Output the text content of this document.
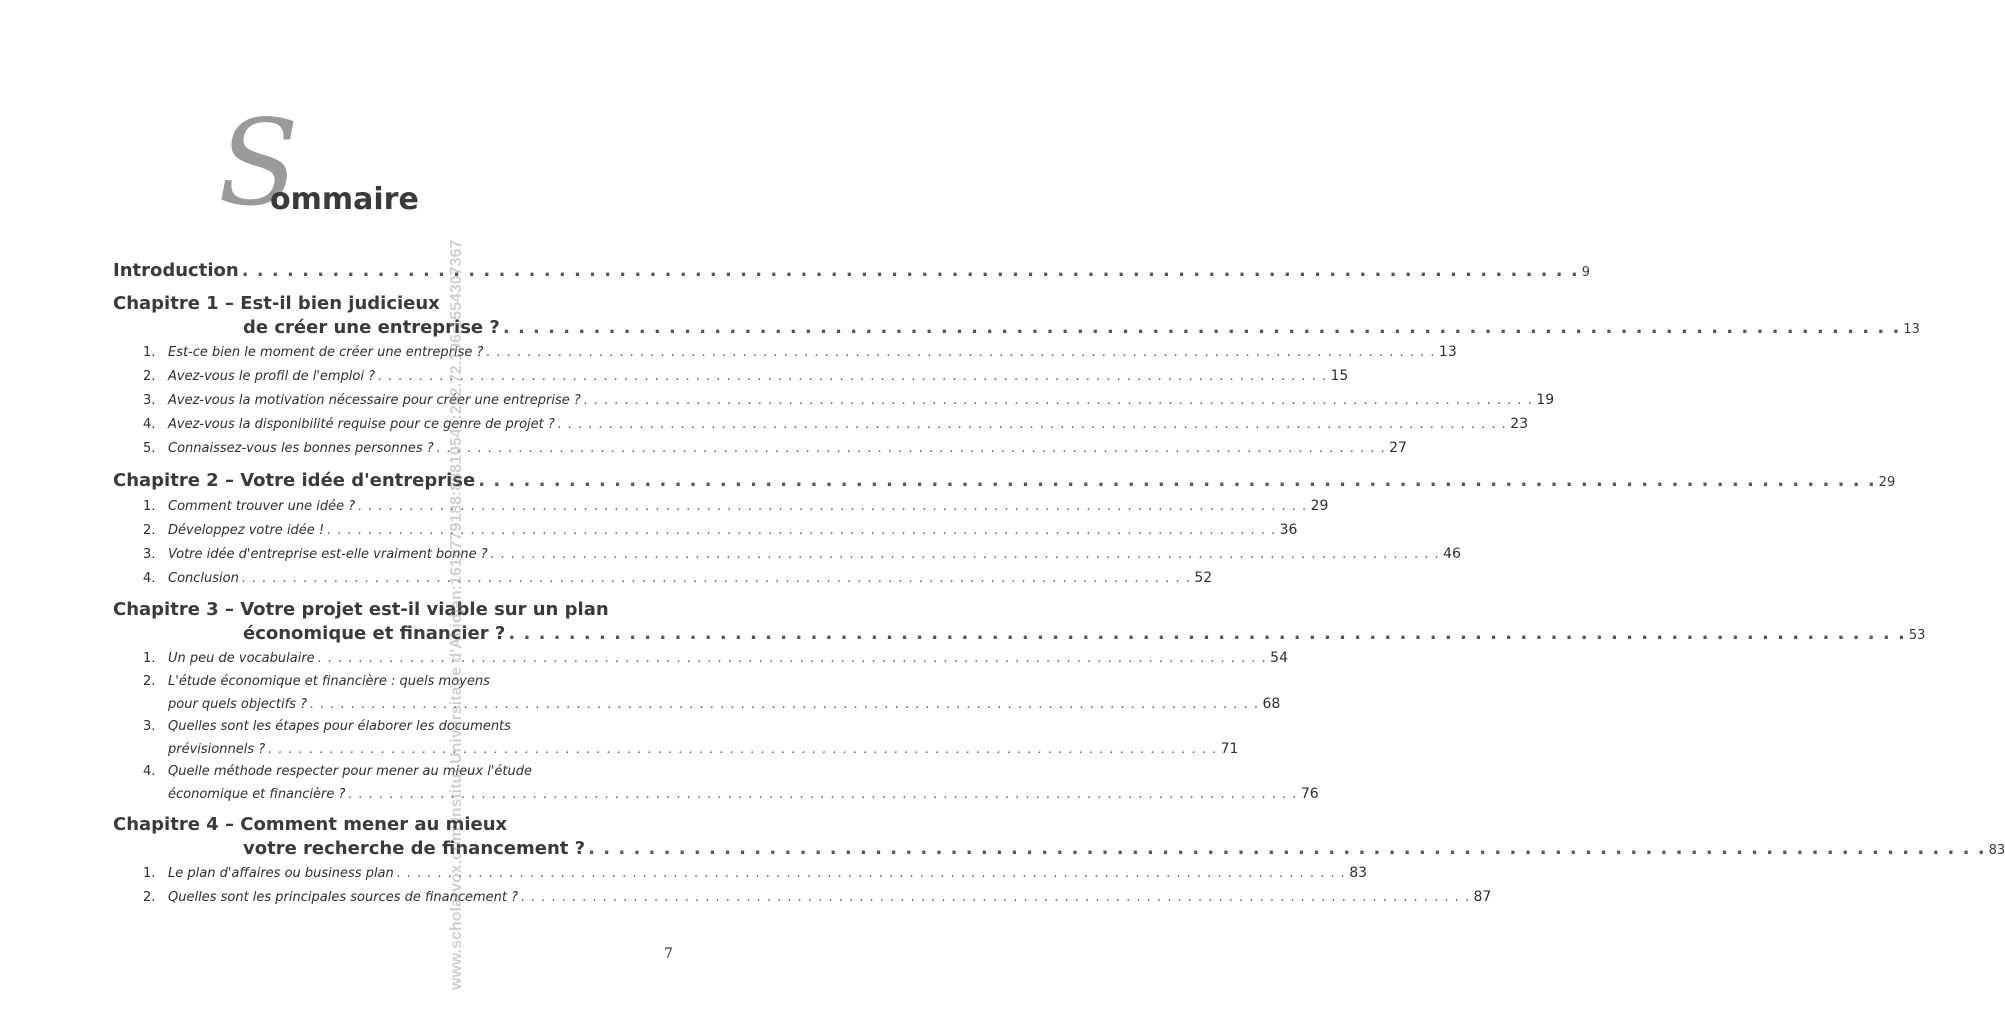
S
ommaire
Introduction . . . . . . . . . . . . . . . . . . . . . . . . . . . . . . . . . . . . . . . . . . . . . . . . . . . . . . . . . . . . . . . . . . . . . . . . . . . . . . . . . . . . . . . . . 9
Chapitre 1 – Est-il bien judicieux
de créer une entreprise ? . . . . . . . . . . . . . . . . . . . . . . . . . . . . . . . . . . . . . . . . . . . . . . . . . . . . . . . . . . . . . . . . . . . . . . . . . . . . . . . . . . . . . . . . . . . . . 13
1. Est-ce bien le moment de créer une entreprise ? . . . . . . . . . . . . . . . . . . . . . . . . . . . . . . . . . . . . . . . . . . . . . . . . . . . . . . . . . . . . . . . . . . . . . . . . . . . . . . . . . . . . . . . . . . . . . 13
2. Avez-vous le profil de l'emploi ? . . . . . . . . . . . . . . . . . . . . . . . . . . . . . . . . . . . . . . . . . . . . . . . . . . . . . . . . . . . . . . . . . . . . . . . . . . . . . . . . . . . . . . . . . . . . . 15
3. Avez-vous la motivation nécessaire pour créer une entreprise ? . . . . . . . . . . . . . . . . . . . . . . . . . . . . . . . . . . . . . . . . . . . . . . . . . . . . . . . . . . . . . . . . . . . . . . . . . . . . . . . . . . . . . . . . . . . . . 19
4. Avez-vous la disponibilité requise pour ce genre de projet ? . . . . . . . . . . . . . . . . . . . . . . . . . . . . . . . . . . . . . . . . . . . . . . . . . . . . . . . . . . . . . . . . . . . . . . . . . . . . . . . . . . . . . . . . . . . . . 23
5. Connaissez-vous les bonnes personnes ? . . . . . . . . . . . . . . . . . . . . . . . . . . . . . . . . . . . . . . . . . . . . . . . . . . . . . . . . . . . . . . . . . . . . . . . . . . . . . . . . . . . . . . . . . . . . . 27
Chapitre 2 – Votre idée d'entreprise . . . . . . . . . . . . . . . . . . . . . . . . . . . . . . . . . . . . . . . . . . . . . . . . . . . . . . . . . . . . . . . . . . . . . . . . . . . . . . . . . . . . . . . . . . . . . 29
1. Comment trouver une idée ? . . . . . . . . . . . . . . . . . . . . . . . . . . . . . . . . . . . . . . . . . . . . . . . . . . . . . . . . . . . . . . . . . . . . . . . . . . . . . . . . . . . . . . . . . . . . . 29
2. Développez votre idée ! . . . . . . . . . . . . . . . . . . . . . . . . . . . . . . . . . . . . . . . . . . . . . . . . . . . . . . . . . . . . . . . . . . . . . . . . . . . . . . . . . . . . . . . . . . . . . 36
3. Votre idée d'entreprise est-elle vraiment bonne ? . . . . . . . . . . . . . . . . . . . . . . . . . . . . . . . . . . . . . . . . . . . . . . . . . . . . . . . . . . . . . . . . . . . . . . . . . . . . . . . . . . . . . . . . . . . . . 46
4. Conclusion . . . . . . . . . . . . . . . . . . . . . . . . . . . . . . . . . . . . . . . . . . . . . . . . . . . . . . . . . . . . . . . . . . . . . . . . . . . . . . . . . . . . . . . . . . . . . 52
Chapitre 3 – Votre projet est-il viable sur un plan
économique et financier ? . . . . . . . . . . . . . . . . . . . . . . . . . . . . . . . . . . . . . . . . . . . . . . . . . . . . . . . . . . . . . . . . . . . . . . . . . . . . . . . . . . . . . . . . . . . . . 53
1. Un peu de vocabulaire . . . . . . . . . . . . . . . . . . . . . . . . . . . . . . . . . . . . . . . . . . . . . . . . . . . . . . . . . . . . . . . . . . . . . . . . . . . . . . . . . . . . . . . . . . . . . 54
2. L'étude économique et financière : quels moyens
pour quels objectifs ? . . . . . . . . . . . . . . . . . . . . . . . . . . . . . . . . . . . . . . . . . . . . . . . . . . . . . . . . . . . . . . . . . . . . . . . . . . . . . . . . . . . . . . . . . . . . . 68
3. Quelles sont les étapes pour élaborer les documents
prévisionnels ? . . . . . . . . . . . . . . . . . . . . . . . . . . . . . . . . . . . . . . . . . . . . . . . . . . . . . . . . . . . . . . . . . . . . . . . . . . . . . . . . . . . . . . . . . . . . . 71
4. Quelle méthode respecter pour mener au mieux l'étude
économique et financière ? . . . . . . . . . . . . . . . . . . . . . . . . . . . . . . . . . . . . . . . . . . . . . . . . . . . . . . . . . . . . . . . . . . . . . . . . . . . . . . . . . . . . . . . . . . . . . 76
Chapitre 4 – Comment mener au mieux
votre recherche de financement ? . . . . . . . . . . . . . . . . . . . . . . . . . . . . . . . . . . . . . . . . . . . . . . . . . . . . . . . . . . . . . . . . . . . . . . . . . . . . . . . . . . . . . . . . . . . . . 83
1. Le plan d'affaires ou business plan . . . . . . . . . . . . . . . . . . . . . . . . . . . . . . . . . . . . . . . . . . . . . . . . . . . . . . . . . . . . . . . . . . . . . . . . . . . . . . . . . . . . . . . . . . . . . 83
2. Quelles sont les principales sources de financement ? . . . . . . . . . . . . . . . . . . . . . . . . . . . . . . . . . . . . . . . . . . . . . . . . . . . . . . . . . . . . . . . . . . . . . . . . . . . . . . . . . . . . . . . . . . . . . 87
7
www.scholarvox.com:Institut Universitaire d'Abidjan:1618779188:88810541:202.72.196:1554307367
